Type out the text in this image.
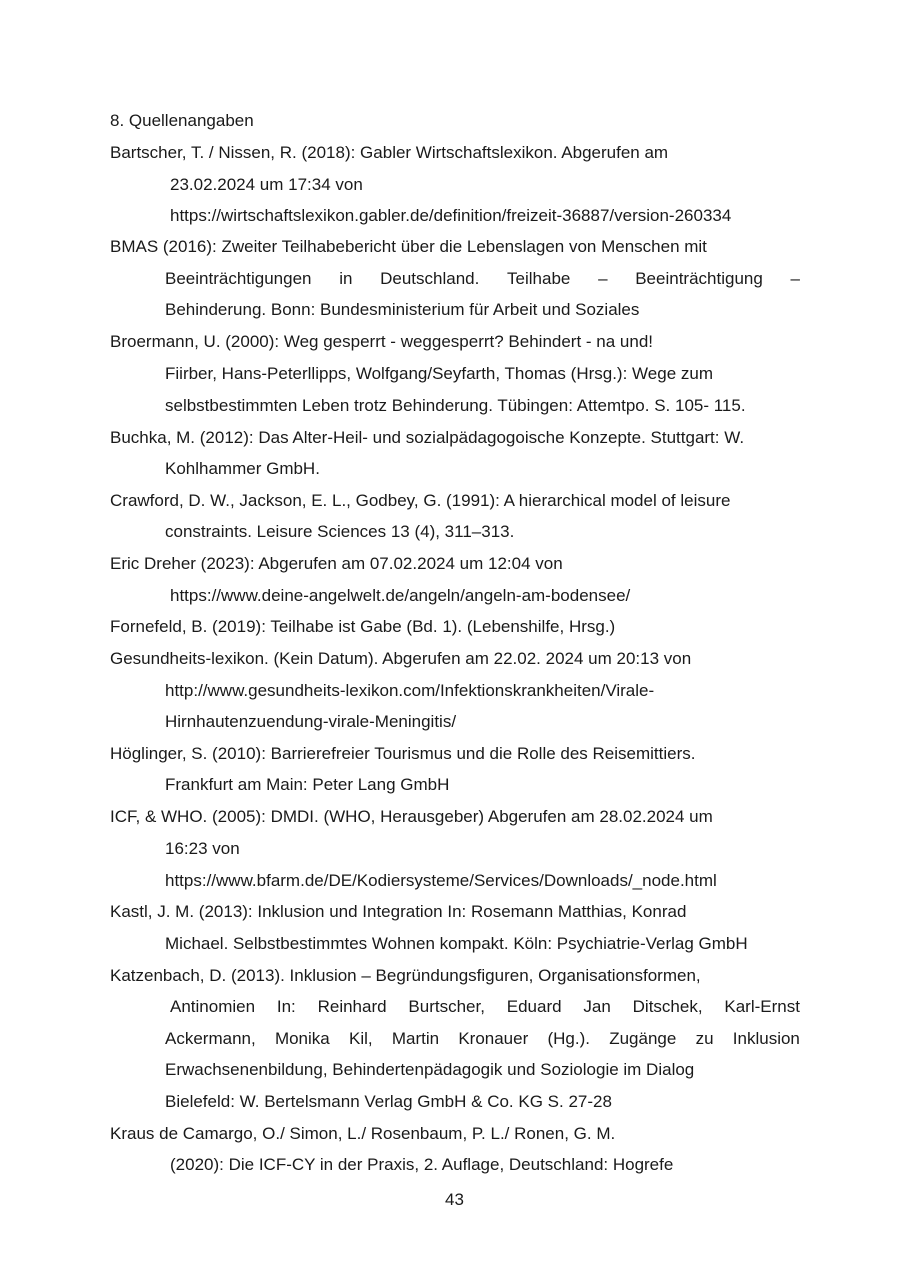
8. Quellenangaben
Bartscher, T. / Nissen, R. (2018): Gabler Wirtschaftslexikon. Abgerufen am
23.02.2024 um 17:34 von
https://wirtschaftslexikon.gabler.de/definition/freizeit-36887/version-260334
BMAS (2016): Zweiter Teilhabebericht über die Lebenslagen von Menschen mit
Beeinträchtigungen in Deutschland. Teilhabe – Beeinträchtigung –
Behinderung. Bonn: Bundesministerium für Arbeit und Soziales
Broermann, U. (2000): Weg gesperrt - weggesperrt? Behindert - na und!
Fiirber, Hans-Peterllipps, Wolfgang/Seyfarth, Thomas (Hrsg.): Wege zum
selbstbestimmten Leben trotz Behinderung. Tübingen: Attemtpo. S. 105- 115.
Buchka, M. (2012): Das Alter-Heil- und sozialpädagogoische Konzepte. Stuttgart: W.
Kohlhammer GmbH.
Crawford, D. W., Jackson, E. L., Godbey, G. (1991): A hierarchical model of leisure
constraints. Leisure Sciences 13 (4), 311–313.
Eric Dreher (2023): Abgerufen am 07.02.2024 um 12:04 von
https://www.deine-angelwelt.de/angeln/angeln-am-bodensee/
Fornefeld, B. (2019): Teilhabe ist Gabe (Bd. 1). (Lebenshilfe, Hrsg.)
Gesundheits-lexikon. (Kein Datum). Abgerufen am 22.02. 2024 um 20:13 von
http://www.gesundheits-lexikon.com/Infektionskrankheiten/Virale-
Hirnhautenzuendung-virale-Meningitis/
Höglinger, S. (2010): Barrierefreier Tourismus und die Rolle des Reisemittiers.
Frankfurt am Main: Peter Lang GmbH
ICF, & WHO. (2005): DMDI. (WHO, Herausgeber) Abgerufen am 28.02.2024 um
16:23 von
https://www.bfarm.de/DE/Kodiersysteme/Services/Downloads/_node.html
Kastl, J. M. (2013): Inklusion und Integration In: Rosemann Matthias, Konrad
Michael. Selbstbestimmtes Wohnen kompakt. Köln: Psychiatrie-Verlag GmbH
Katzenbach, D. (2013). Inklusion – Begründungsfiguren, Organisationsformen,
Antinomien In: Reinhard Burtscher, Eduard Jan Ditschek, Karl-Ernst
Ackermann, Monika Kil, Martin Kronauer (Hg.). Zugänge zu Inklusion
Erwachsenenbildung, Behindertenpädagogik und Soziologie im Dialog
Bielefeld: W. Bertelsmann Verlag GmbH & Co. KG S. 27-28
Kraus de Camargo, O./ Simon, L./ Rosenbaum, P. L./ Ronen, G. M.
(2020): Die ICF-CY in der Praxis, 2. Auflage, Deutschland: Hogrefe
43
